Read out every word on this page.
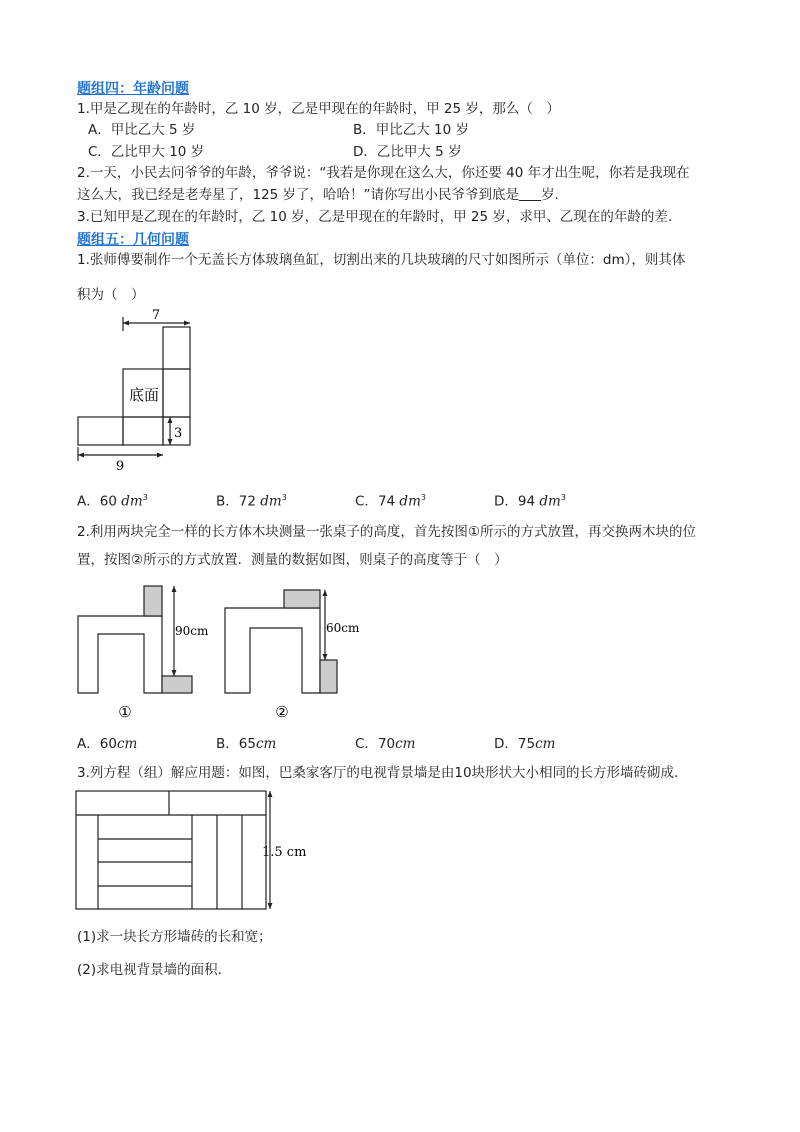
题组四：年龄问题
1.甲是乙现在的年龄时，乙 10 岁，乙是甲现在的年龄时，甲 25 岁，那么（　）
A．甲比乙大 5 岁	B．甲比乙大 10 岁
C．乙比甲大 10 岁	D．乙比甲大 5 岁
2.一天，小民去问爷爷的年龄，爷爷说：“我若是你现在这么大，你还要 40 年才出生呢，你若是我现在
这么大，我已经是老寿星了，125 岁了，哈哈！”请你写出小民爷爷到底是 岁.
3.已知甲是乙现在的年龄时，乙 10 岁，乙是甲现在的年龄时，甲 25 岁，求甲、乙现在的年龄的差.
题组五：几何问题
1.张师傅要制作一个无盖长方体玻璃鱼缸，切割出来的几块玻璃的尺寸如图所示（单位：dm），则其体
积为（　）
7
底面
3
9
A．60 $dm^3$	B．72 $dm^3$	C．74 $dm^3$	D．94 $dm^3$
2.利用两块完全一样的长方体木块测量一张桌子的高度，首先按图①所示的方式放置，再交换两木块的位
置，按图②所示的方式放置．测量的数据如图，则桌子的高度等于（　）
90cm	60cm
①	②
A．60cm	B．65cm	C．70cm	D．75cm
3.列方程（组）解应用题：如图，巴桑家客厅的电视背景墙是由10块形状大小相同的长方形墙砖砌成．
1.5 cm
(1)求一块长方形墙砖的长和宽；
(2)求电视背景墙的面积．
